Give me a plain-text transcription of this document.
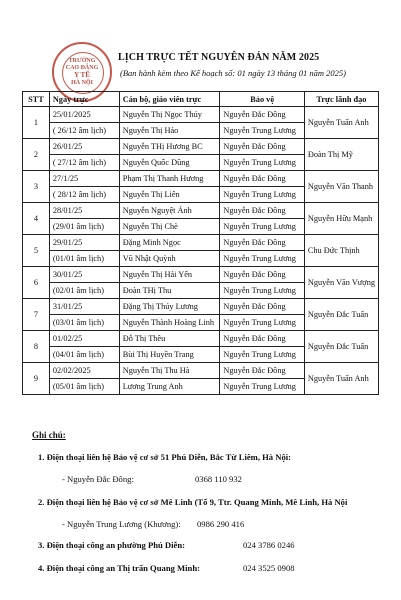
TRƯỜNG
CAO ĐẲNG
Y TẾ
HÀ NỘI
LỊCH TRỰC TẾT NGUYÊN ĐÁN NĂM 2025
(Ban hành kèm theo Kế hoạch số: 01 ngày 13 tháng 01 năm 2025)
STT	Ngày trực	Cán bộ, giáo viên trực	Bảo vệ	Trực lãnh đạo
1	25/01/2025	Nguyễn Thị Ngọc Thúy	Nguyễn Đắc Đông	Nguyễn Tuấn Anh
	( 26/12 âm lịch)	Nguyễn Thị Hảo	Nguyễn Trung Lương	
2	26/01/25	Nguyễn THị Hương BC	Nguyễn Đắc Đông	Đoàn Thị Mỹ
	( 27/12 âm lịch)	Nguyễn Quốc Dũng	Nguyễn Trung Lương	
3	27/1/25	Phạm Thị Thanh Hương	Nguyễn Đắc Đông	Nguyễn Văn Thanh
	( 28/12 âm lịch)	Nguyễn Thị Liên	Nguyễn Trung Lương	
4	28/01/25	Nguyễn Nguyệt Ánh	Nguyễn Đắc Đông	Nguyễn Hữu Mạnh
	(29/01 âm lịch)	Nguyễn Thị Chè	Nguyễn Trung Lương	
5	29/01/25	Đặng Minh Ngọc	Nguyễn Đắc Đông	Chu Đức Thịnh
	(01/01 âm lịch)	Vũ Nhật Quỳnh	Nguyễn Trung Lương	
6	30/01/25	Nguyễn Thị Hải Yến	Nguyễn Đắc Đông	Nguyễn Văn Vượng
	(02/01 âm lịch)	Đoàn THị Thu	Nguyễn Trung Lương	
7	31/01/25	Đặng Thị Thúy Lương	Nguyễn Đắc Đông	Nguyễn Đắc Tuấn
	(03/01 âm lịch)	Nguyễn Thành Hoàng Linh	Nguyễn Trung Lương	
8	01/02/25	Đỗ Thị Thêu	Nguyễn Đắc Đông	Nguyễn Đắc Tuấn
	(04/01 âm lịch)	Bùi Thị Huyền Trang	Nguyễn Trung Lương	
9	02/02/2025	Nguyễn Thị Thu Hà	Nguyễn Đắc Đông	Nguyễn Tuấn Anh
	(05/01 âm lịch)	Lương Trung Anh	Nguyễn Trung Lương	
Ghi chú:
1. Điện thoại liên hệ Bảo vệ cơ sở 51 Phú Diễn, Bắc Từ Liêm, Hà Nội:
- Nguyễn Đắc Đông:	0368 110 932
2. Điện thoại liên hệ Bảo vệ cơ sở Mê Linh (Tổ 9, Ttr. Quang Minh, Mê Linh, Hà Nội
- Nguyễn Trung Lương (Khương): 0986 290 416
3. Điện thoại công an phường Phú Diễn:	024 3786 0246
4. Điện thoại công an Thị trấn Quang Minh:	024 3525 0908
